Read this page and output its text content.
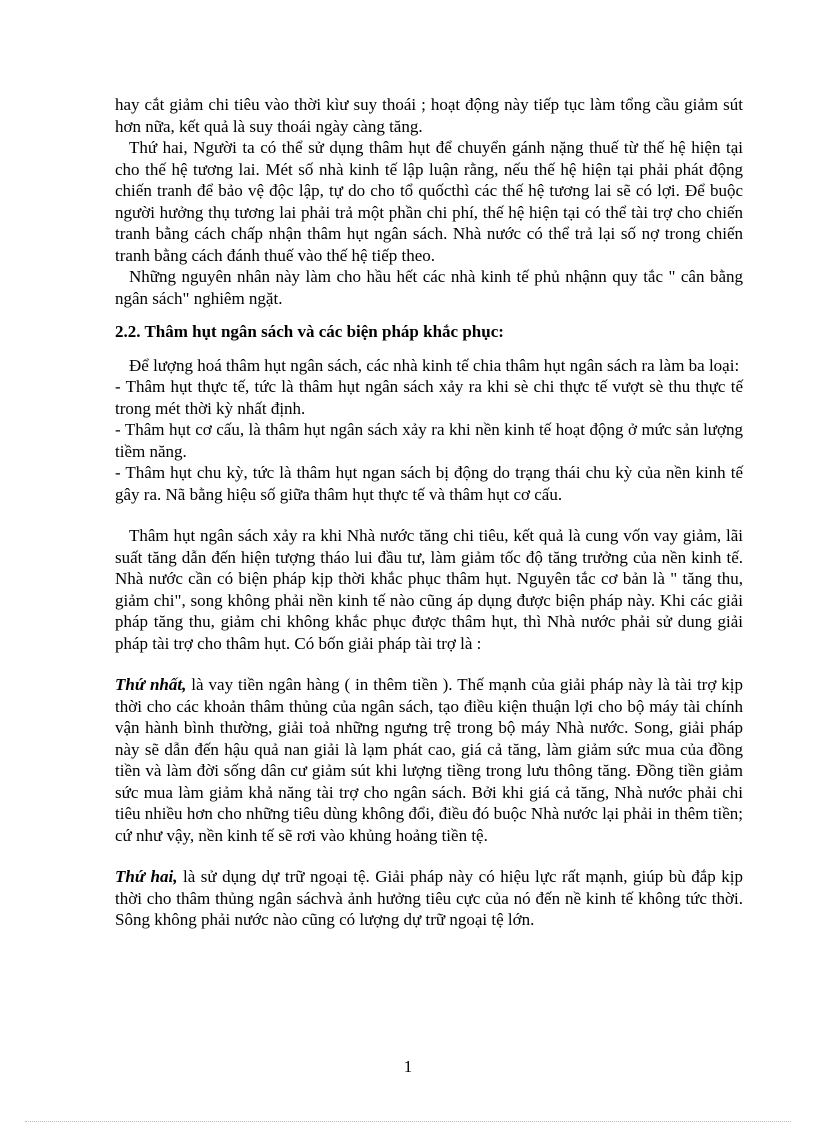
hay cắt giảm chi tiêu vào thời kìư suy thoái ; hoạt động này tiếp tục làm tổng cầu giảm sút hơn nữa, kết quả là suy thoái ngày càng tăng.

Thứ hai, Người ta có thể sử dụng thâm hụt để chuyển gánh nặng thuế từ thế hệ hiện tại cho thế hệ tương lai. Mét số nhà kinh tế lập luận rằng, nếu thế hệ hiện tại phải phát động chiến tranh để bảo vệ độc lập, tự do cho tổ quốcthì các thế hệ tương lai sẽ có lợi. Để buộc người hưởng thụ tương lai phải trả một phần chi phí, thế hệ hiện tại có thể tài trợ cho chiến tranh bằng cách chấp nhận thâm hụt ngân sách. Nhà nước có thể trả lại số nợ trong chiến tranh bằng cách đánh thuế vào thế hệ tiếp theo.

Những nguyên nhân này làm cho hầu hết các nhà kinh tế phủ nhậnn quy tắc " cân bằng ngân sách" nghiêm ngặt.

2.2. Thâm hụt ngân sách và các biện pháp khắc phục:

Để lượng hoá thâm hụt ngân sách, các nhà kinh tế chia thâm hụt ngân sách ra làm ba loại:

- Thâm hụt thực tế, tức là thâm hụt ngân sách xảy ra khi sè chi thực tế vượt sè thu thực tế trong mét thời kỳ nhất định.

- Thâm hụt cơ cấu, là thâm hụt ngân sách xảy ra khi nền kinh tế hoạt động ở mức sản lượng tiềm năng.

- Thâm hụt chu kỳ, tức là thâm hụt ngan sách bị động do trạng thái chu kỳ của nền kinh tế gây ra. Nã bằng hiệu số giữa thâm hụt thực tế và thâm hụt cơ cấu.

Thâm hụt ngân sách xảy ra khi Nhà nước tăng chi tiêu, kết quả là cung vốn vay giảm, lãi suất tăng dẫn đến hiện tượng tháo lui đầu tư, làm giảm tốc độ tăng trưởng của nền kinh tế. Nhà nước cần có biện pháp kịp thời khắc phục thâm hụt. Nguyên tắc cơ bản là " tăng thu, giảm chi", song không phải nền kinh tế nào cũng áp dụng được biện pháp này. Khi các giải pháp tăng thu, giảm chi không khắc phục được thâm hụt, thì Nhà nước phải sử dung giải pháp tài trợ cho thâm hụt. Có bốn giải pháp tài trợ là :

Thứ nhất, là vay tiền ngân hàng ( in thêm tiền ). Thế mạnh của giải pháp này là tài trợ kịp thời cho các khoản thâm thủng của ngân sách, tạo điều kiện thuận lợi cho bộ máy tài chính vận hành bình thường, giải toả những ngưng trệ trong bộ máy Nhà nước. Song, giải pháp này sẽ dẫn đến hậu quả nan giải là lạm phát cao, giá cả tăng, làm giảm sức mua của đồng tiền và làm đời sống dân cư giảm sút khi lượng tiềng trong lưu thông tăng. Đồng tiền giảm sức mua làm giảm khả năng tài trợ cho ngân sách. Bởi khi giá cả tăng, Nhà nước phải chi tiêu nhiều hơn cho những tiêu dùng không đổi, điều đó buộc Nhà nước lại phải in thêm tiền; cứ như vậy, nền kinh tế sẽ rơi vào khủng hoảng tiền tệ.

Thứ hai, là sử dụng dự trữ ngoại tệ. Giải pháp này có hiệu lực rất mạnh, giúp bù đắp kịp thời cho thâm thủng ngân sáchvà ảnh hưởng tiêu cực của nó đến nề kinh tế không tức thời. Sông không phải nước nào cũng có lượng dự trữ ngoại tệ lớn.

1
